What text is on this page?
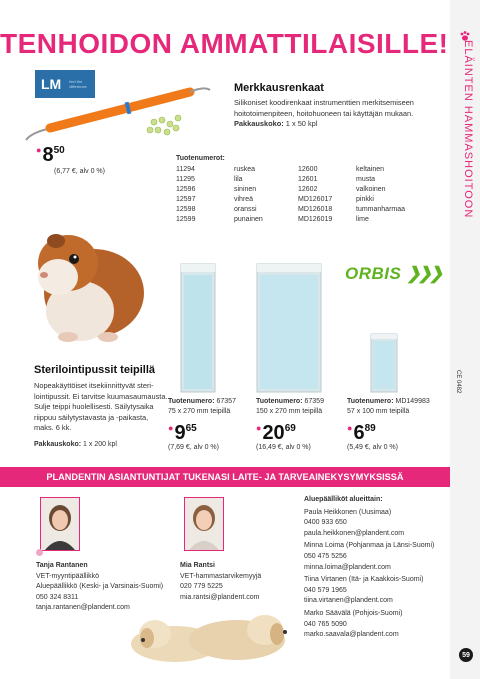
TENHOIDON AMMATTILAISILLE! ELÄINTEN HAMMASHOITOON
LM feel the difference	Merkkausrenkaat
Silikoniset koodirenkaat instrumenttien merkitsemiseen
hoitotoimenpiteen, hoitohuoneen tai käyttäjän mukaan.
Pakkauskoko: 1 x 50 kpl
● 8 50
(6,77 €, alv 0 %)
Tuotenumerot:
11294	ruskea	12600	keltainen
11295	lila	12601	musta
12596	sininen	12602	valkoinen
12597	vihreä	MD126017	pinkki
12598	oranssi	MD126018	tummanharmaa
12599	punainen	MD126019	lime
Sterilointipussit teipillä
Nopeakäyttöiset itsekiinnittyvät steri-
lointipussit. Ei tarvitse kuumasaumausta.
Sulje teippi huolellisesti. Säilytysaika
riippuu säilytystavasta ja -paikasta,
maks. 6 kk.
Pakkauskoko: 1 x 200 kpl
ORBIS ❯❯❯
CE 0482
Tuotenumero: 67357
75 x 270 mm teipillä
● 9 65
(7,69 €, alv 0 %)
Tuotenumero: 67359
150 x 270 mm teipillä
● 20 69
(16,49 €, alv 0 %)
Tuotenumero: MD149983
57 x 100 mm teipillä
● 6 89
(5,49 €, alv 0 %)
PLANDENTIN ASIANTUNTIJAT TUKENASI LAITE- JA TARVEAINEKYSYMYKSISSÄ
Tanja Rantanen
VET-myyntipäällikkö
Aluepäällikkö (Keski- ja Varsinais-Suomi)
050 324 8311
tanja.rantanen@plandent.com
Mia Rantsi
VET-hammastarvikemyyjä
020 779 5225
mia.rantsi@plandent.com
Aluepäälliköt alueittain:
Paula Heikkonen (Uusimaa)
0400 933 650
paula.heikkonen@plandent.com
Minna Loima (Pohjanmaa ja Länsi-Suomi)
050 475 5256
minna.loima@plandent.com
Tiina Virtanen (Itä- ja Kaakkois-Suomi)
040 579 1965
tiina.virtanen@plandent.com
Marko Säävälä (Pohjois-Suomi)
040 765 5090
marko.saavala@plandent.com
59
